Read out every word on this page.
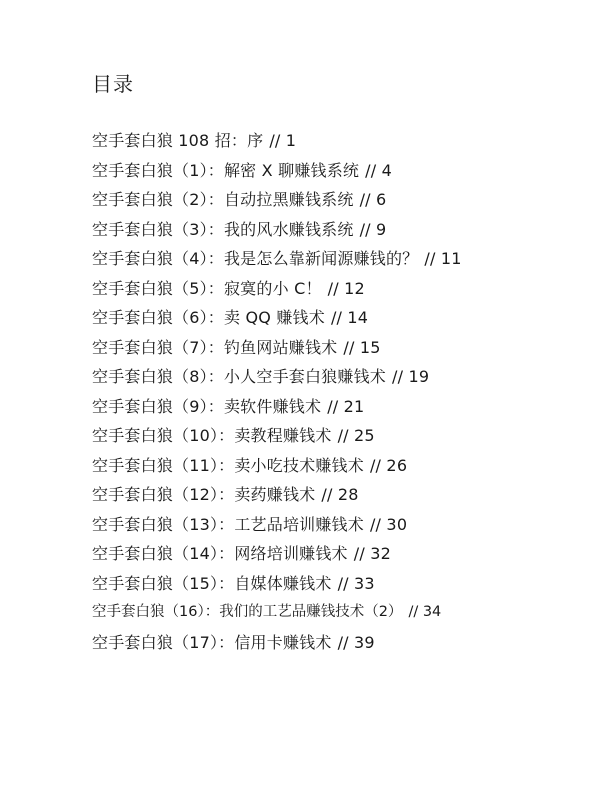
目录
空手套白狼 108 招：序 // 1
空手套白狼（1）：解密 X 聊赚钱系统 // 4
空手套白狼（2）：自动拉黑赚钱系统 // 6
空手套白狼（3）：我的风水赚钱系统 // 9
空手套白狼（4）：我是怎么靠新闻源赚钱的？ // 11
空手套白狼（5）：寂寞的小 C！ // 12
空手套白狼（6）：卖 QQ 赚钱术 // 14
空手套白狼（7）：钓鱼网站赚钱术 // 15
空手套白狼（8）：小人空手套白狼赚钱术 // 19
空手套白狼（9）：卖软件赚钱术 // 21
空手套白狼（10）：卖教程赚钱术 // 25
空手套白狼（11）：卖小吃技术赚钱术 // 26
空手套白狼（12）：卖药赚钱术 // 28
空手套白狼（13）：工艺品培训赚钱术 // 30
空手套白狼（14）：网络培训赚钱术 // 32
空手套白狼（15）：自媒体赚钱术 // 33
空手套白狼（16）：我们的工艺品赚钱技术（2） // 34
空手套白狼（17）：信用卡赚钱术 // 39
